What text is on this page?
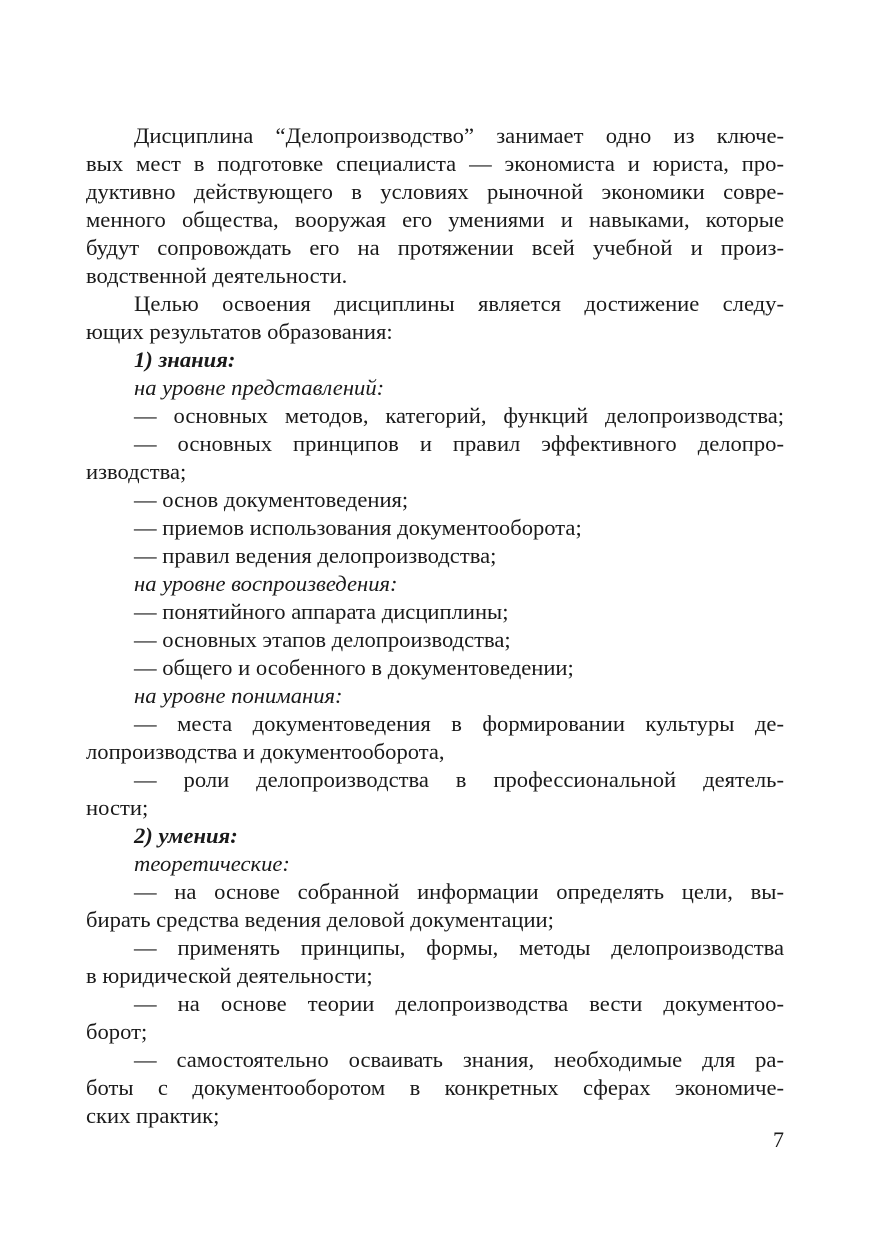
Дисциплина “Делопроизводство” занимает одно из ключе-
вых мест в подготовке специалиста — экономиста и юриста, про-
дуктивно действующего в условиях рыночной экономики совре-
менного общества, вооружая его умениями и навыками, которые
будут сопровождать его на протяжении всей учебной и произ-
водственной деятельности.
Целью освоения дисциплины является достижение следу-
ющих результатов образования:
1) знания:
на уровне представлений:
— основных методов, категорий, функций делопроизводства;
— основных принципов и правил эффективного делопро-
изводства;
— основ документоведения;
— приемов использования документооборота;
— правил ведения делопроизводства;
на уровне воспроизведения:
— понятийного аппарата дисциплины;
— основных этапов делопроизводства;
— общего и особенного в документоведении;
на уровне понимания:
— места документоведения в формировании культуры де-
лопроизводства и документооборота,
— роли делопроизводства в профессиональной деятель-
ности;
2) умения:
теоретические:
— на основе собранной информации определять цели, вы-
бирать средства ведения деловой документации;
— применять принципы, формы, методы делопроизводства
в юридической деятельности;
— на основе теории делопроизводства вести документоо-
борот;
— самостоятельно осваивать знания, необходимые для ра-
боты с документооборотом в конкретных сферах экономиче-
ских практик;
7
